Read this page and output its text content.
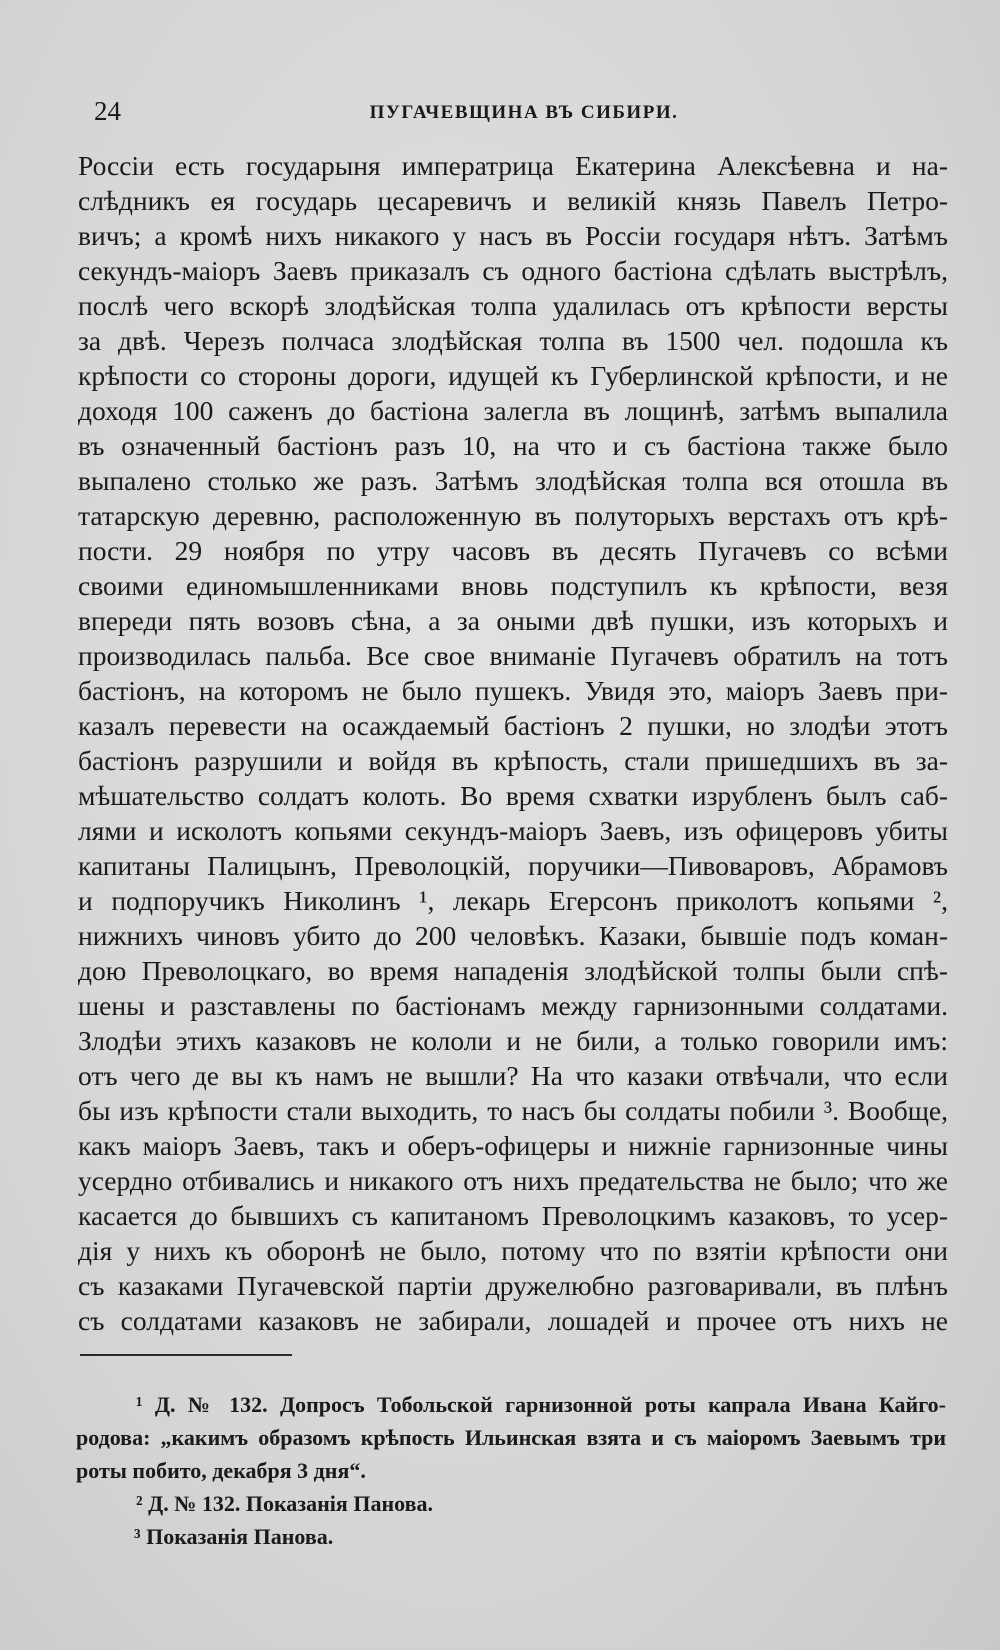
24	ПУГАЧЕВЩИНА ВЪ СИБИРИ.
Россіи есть государыня императрица Екатерина Алексѣевна и на-
слѣдникъ ея государь цесаревичъ и великій князь Павелъ Петро-
вичъ; а кромѣ нихъ никакого у насъ въ Россіи государя нѣтъ. Затѣмъ
секундъ-маіоръ Заевъ приказалъ съ одного бастіона сдѣлать выстрѣлъ,
послѣ чего вскорѣ злодѣйская толпа удалилась отъ крѣпости версты
за двѣ. Черезъ полчаса злодѣйская толпа въ 1500 чел. подошла къ
крѣпости со стороны дороги, идущей къ Губерлинской крѣпости, и не
доходя 100 саженъ до бастіона залегла въ лощинѣ, затѣмъ выпалила
въ означенный бастіонъ разъ 10, на что и съ бастіона также было
выпалено столько же разъ. Затѣмъ злодѣйская толпа вся отошла въ
татарскую деревню, расположенную въ полуторыхъ верстахъ отъ крѣ-
пости. 29 ноября по утру часовъ въ десять Пугачевъ со всѣми
своими единомышленниками вновь подступилъ къ крѣпости, везя
впереди пять возовъ сѣна, а за оными двѣ пушки, изъ которыхъ и
производилась пальба. Все свое вниманіе Пугачевъ обратилъ на тотъ
бастіонъ, на которомъ не было пушекъ. Увидя это, маіоръ Заевъ при-
казалъ перевести на осаждаемый бастіонъ 2 пушки, но злодѣи этотъ
бастіонъ разрушили и войдя въ крѣпость, стали пришедшихъ въ за-
мѣшательство солдатъ колоть. Во время схватки изрубленъ былъ саб-
лями и исколотъ копьями секундъ-маіоръ Заевъ, изъ офицеровъ убиты
капитаны Палицынъ, Преволоцкій, поручики—Пивоваровъ, Абрамовъ
и подпоручикъ Николинъ ¹, лекарь Егерсонъ приколотъ копьями ²,
нижнихъ чиновъ убито до 200 человѣкъ. Казаки, бывшіе подъ коман-
дою Преволоцкаго, во время нападенія злодѣйской толпы были спѣ-
шены и разставлены по бастіонамъ между гарнизонными солдатами.
Злодѣи этихъ казаковъ не кололи и не били, а только говорили имъ:
отъ чего де вы къ намъ не вышли? На что казаки отвѣчали, что если
бы изъ крѣпости стали выходить, то насъ бы солдаты побили ³. Вообще,
какъ маіоръ Заевъ, такъ и оберъ-офицеры и нижніе гарнизонные чины
усердно отбивались и никакого отъ нихъ предательства не было; что же
касается до бывшихъ съ капитаномъ Преволоцкимъ казаковъ, то усер-
дія у нихъ къ оборонѣ не было, потому что по взятіи крѣпости они
съ казаками Пугачевской партіи дружелюбно разговаривали, въ плѣнъ
съ солдатами казаковъ не забирали, лошадей и прочее отъ нихъ не
¹ Д. № 132. Допросъ Тобольской гарнизонной роты капрала Ивана Кайго-
родова: „какимъ образомъ крѣпость Ильинская взята и съ маіоромъ Заевымъ три
роты побито, декабря 3 дня“.
² Д. № 132. Показанія Панова.
³ Показанія Панова.
